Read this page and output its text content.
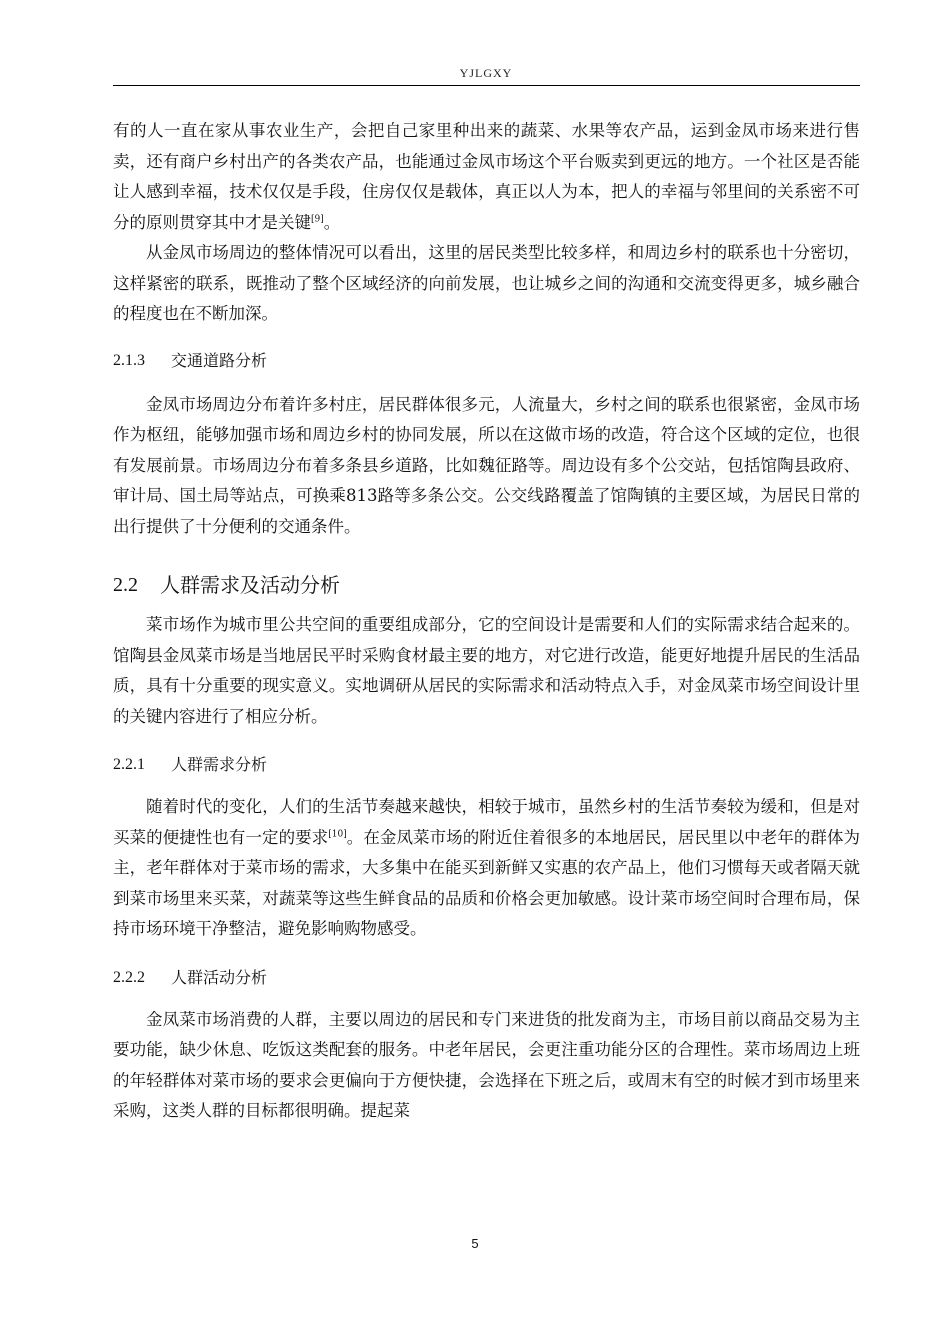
YJLGXY

有的人一直在家从事农业生产，会把自己家里种出来的蔬菜、水果等农产品，运到金凤市场来进行售卖，还有商户乡村出产的各类农产品，也能通过金凤市场这个平台贩卖到更远的地方。一个社区是否能让人感到幸福，技术仅仅是手段，住房仅仅是载体，真正以人为本，把人的幸福与邻里间的关系密不可分的原则贯穿其中才是关键[9]。

从金凤市场周边的整体情况可以看出，这里的居民类型比较多样，和周边乡村的联系也十分密切，这样紧密的联系，既推动了整个区域经济的向前发展，也让城乡之间的沟通和交流变得更多，城乡融合的程度也在不断加深。

2.1.3	交通道路分析

金凤市场周边分布着许多村庄，居民群体很多元，人流量大，乡村之间的联系也很紧密，金凤市场作为枢纽，能够加强市场和周边乡村的协同发展，所以在这做市场的改造，符合这个区域的定位，也很有发展前景。市场周边分布着多条县乡道路，比如魏征路等。周边设有多个公交站，包括馆陶县政府、审计局、国土局等站点，可换乘813路等多条公交。公交线路覆盖了馆陶镇的主要区域，为居民日常的出行提供了十分便利的交通条件。

2.2	人群需求及活动分析

菜市场作为城市里公共空间的重要组成部分，它的空间设计是需要和人们的实际需求结合起来的。馆陶县金凤菜市场是当地居民平时采购食材最主要的地方，对它进行改造，能更好地提升居民的生活品质，具有十分重要的现实意义。实地调研从居民的实际需求和活动特点入手，对金凤菜市场空间设计里的关键内容进行了相应分析。

2.2.1	人群需求分析

随着时代的变化，人们的生活节奏越来越快，相较于城市，虽然乡村的生活节奏较为缓和，但是对买菜的便捷性也有一定的要求[10]。在金凤菜市场的附近住着很多的本地居民，居民里以中老年的群体为主，老年群体对于菜市场的需求，大多集中在能买到新鲜又实惠的农产品上，他们习惯每天或者隔天就到菜市场里来买菜，对蔬菜等这些生鲜食品的品质和价格会更加敏感。设计菜市场空间时合理布局，保持市场环境干净整洁，避免影响购物感受。

2.2.2	人群活动分析

金凤菜市场消费的人群，主要以周边的居民和专门来进货的批发商为主，市场目前以商品交易为主要功能，缺少休息、吃饭这类配套的服务。中老年居民，会更注重功能分区的合理性。菜市场周边上班的年轻群体对菜市场的要求会更偏向于方便快捷，会选择在下班之后，或周末有空的时候才到市场里来采购，这类人群的目标都很明确。提起菜

5
